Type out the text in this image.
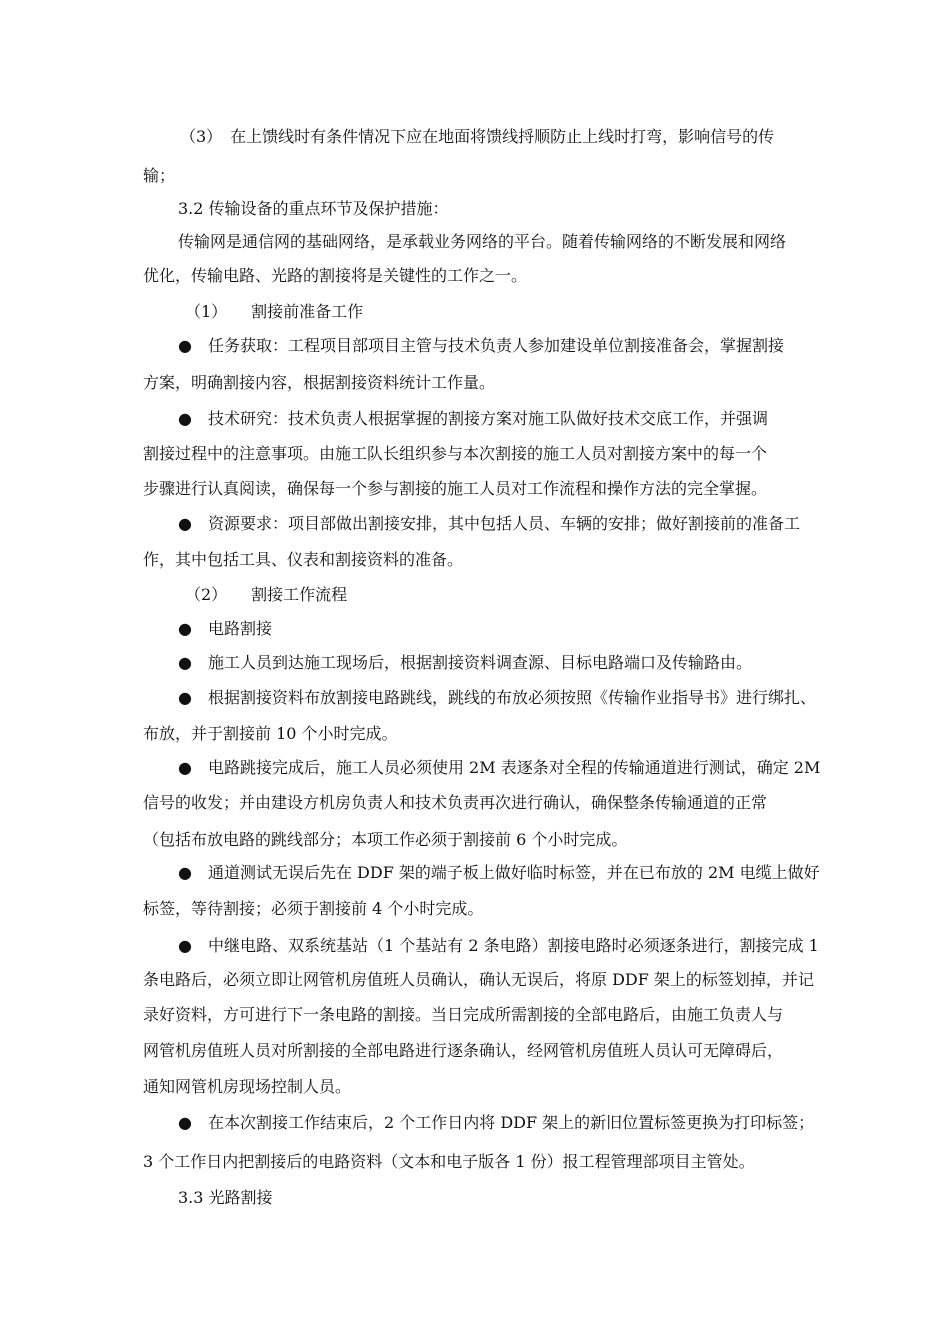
（3）　在上馈线时有条件情况下应在地面将馈线捋顺防止上线时打弯，影响信号的传
输；
3.2 传输设备的重点环节及保护措施：
传输网是通信网的基础网络，是承载业务网络的平台。随着传输网络的不断发展和网络
优化，传输电路、光路的割接将是关键性的工作之一。
（1）　　割接前准备工作
●　任务获取：工程项目部项目主管与技术负责人参加建设单位割接准备会，掌握割接
方案，明确割接内容，根据割接资料统计工作量。
●　技术研究：技术负责人根据掌握的割接方案对施工队做好技术交底工作，并强调
割接过程中的注意事项。由施工队长组织参与本次割接的施工人员对割接方案中的每一个
步骤进行认真阅读，确保每一个参与割接的施工人员对工作流程和操作方法的完全掌握。
●　资源要求：项目部做出割接安排，其中包括人员、车辆的安排；做好割接前的准备工
作，其中包括工具、仪表和割接资料的准备。
（2）　　割接工作流程
●　电路割接
●　施工人员到达施工现场后，根据割接资料调查源、目标电路端口及传输路由。
●　根据割接资料布放割接电路跳线，跳线的布放必须按照《传输作业指导书》进行绑扎、
布放，并于割接前 10 个小时完成。
●　电路跳接完成后，施工人员必须使用 2M 表逐条对全程的传输通道进行测试，确定 2M
信号的收发；并由建设方机房负责人和技术负责再次进行确认，确保整条传输通道的正常
（包括布放电路的跳线部分；本项工作必须于割接前 6 个小时完成。
●　通道测试无误后先在 DDF 架的端子板上做好临时标签，并在已布放的 2M 电缆上做好
标签，等待割接；必须于割接前 4 个小时完成。
●　中继电路、双系统基站（1 个基站有 2 条电路）割接电路时必须逐条进行，割接完成 1
条电路后，必须立即让网管机房值班人员确认，确认无误后，将原 DDF 架上的标签划掉，并记
录好资料，方可进行下一条电路的割接。当日完成所需割接的全部电路后，由施工负责人与
网管机房值班人员对所割接的全部电路进行逐条确认，经网管机房值班人员认可无障碍后，
通知网管机房现场控制人员。
●　在本次割接工作结束后，2 个工作日内将 DDF 架上的新旧位置标签更换为打印标签；
3 个工作日内把割接后的电路资料（文本和电子版各 1 份）报工程管理部项目主管处。
3.3 光路割接
